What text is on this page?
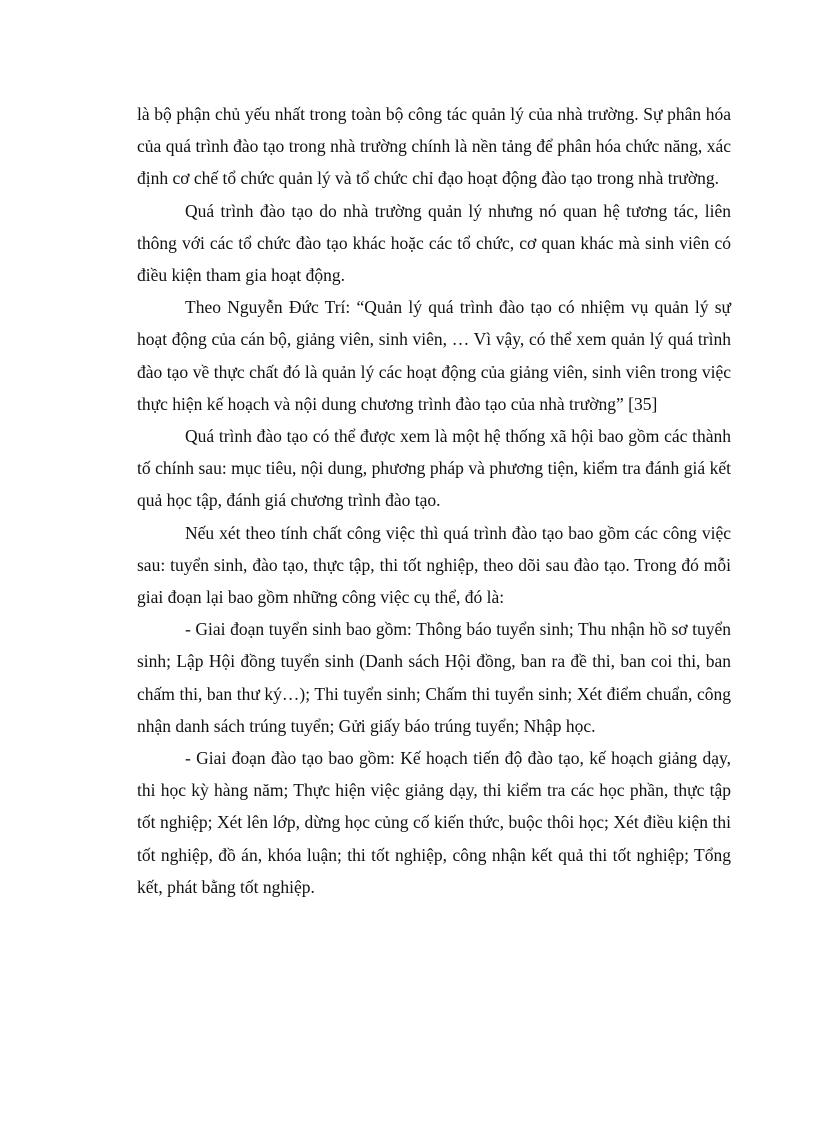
là bộ phận chủ yếu nhất trong toàn bộ công tác quản lý của nhà trường. Sự phân hóa của quá trình đào tạo trong nhà trường chính là nền tảng để phân hóa chức năng, xác định cơ chế tổ chức quản lý và tổ chức chỉ đạo hoạt động đào tạo trong nhà trường.

Quá trình đào tạo do nhà trường quản lý nhưng nó quan hệ tương tác, liên thông với các tổ chức đào tạo khác hoặc các tổ chức, cơ quan khác mà sinh viên có điều kiện tham gia hoạt động.

Theo Nguyễn Đức Trí: “Quản lý quá trình đào tạo có nhiệm vụ quản lý sự hoạt động của cán bộ, giảng viên, sinh viên, … Vì vậy, có thể xem quản lý quá trình đào tạo về thực chất đó là quản lý các hoạt động của giảng viên, sinh viên trong việc thực hiện kế hoạch và nội dung chương trình đào tạo của nhà trường” [35]

Quá trình đào tạo có thể được xem là một hệ thống xã hội bao gồm các thành tố chính sau: mục tiêu, nội dung, phương pháp và phương tiện, kiểm tra đánh giá kết quả học tập, đánh giá chương trình đào tạo.

Nếu xét theo tính chất công việc thì quá trình đào tạo bao gồm các công việc sau: tuyển sinh, đào tạo, thực tập, thi tốt nghiệp, theo dõi sau đào tạo. Trong đó mỗi giai đoạn lại bao gồm những công việc cụ thể, đó là:

- Giai đoạn tuyển sinh bao gồm: Thông báo tuyển sinh; Thu nhận hồ sơ tuyển sinh; Lập Hội đồng tuyển sinh (Danh sách Hội đồng, ban ra đề thi, ban coi thi, ban chấm thi, ban thư ký…); Thi tuyển sinh; Chấm thi tuyển sinh; Xét điểm chuẩn, công nhận danh sách trúng tuyển; Gửi giấy báo trúng tuyển; Nhập học.

- Giai đoạn đào tạo bao gồm: Kế hoạch tiến độ đào tạo, kế hoạch giảng dạy, thi học kỳ hàng năm; Thực hiện việc giảng dạy, thi kiểm tra các học phần, thực tập tốt nghiệp; Xét lên lớp, dừng học củng cố kiến thức, buộc thôi học; Xét điều kiện thi tốt nghiệp, đồ án, khóa luận; thi tốt nghiệp, công nhận kết quả thi tốt nghiệp; Tổng kết, phát bằng tốt nghiệp.
